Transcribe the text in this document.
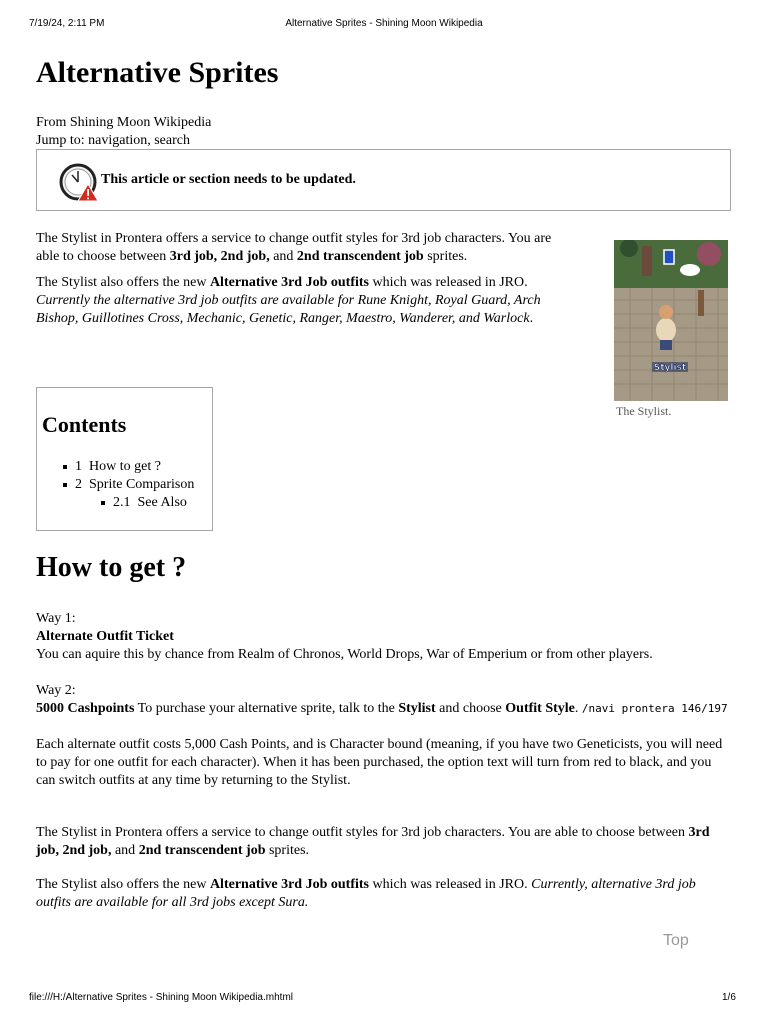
7/19/24, 2:11 PM	Alternative Sprites - Shining Moon Wikipedia
Alternative Sprites
From Shining Moon Wikipedia
Jump to: navigation, search
This article or section needs to be updated.

The Stylist in Prontera offers a service to change outfit styles for 3rd job characters. You are able to choose between 3rd job, 2nd job, and 2nd transcendent job sprites.

The Stylist also offers the new Alternative 3rd Job outfits which was released in JRO.
Currently the alternative 3rd job outfits are available for Rune Knight, Royal Guard, Arch Bishop, Guillotines Cross, Mechanic, Genetic, Ranger, Maestro, Wanderer, and Warlock.

Stylist
The Stylist.
Contents
1 How to get ?
2 Sprite Comparison
2.1 See Also
How to get ?

Way 1:
Alternate Outfit Ticket
You can aquire this by chance from Realm of Chronos, World Drops, War of Emperium or from other players.

Way 2:
5000 Cashpoints To purchase your alternative sprite, talk to the Stylist and choose Outfit Style. /navi prontera 146/197

Each alternate outfit costs 5,000 Cash Points, and is Character bound (meaning, if you have two Geneticists, you will need to pay for one outfit for each character). When it has been purchased, the option text will turn from red to black, and you can switch outfits at any time by returning to the Stylist.

The Stylist in Prontera offers a service to change outfit styles for 3rd job characters. You are able to choose between 3rd job, 2nd job, and 2nd transcendent job sprites.

The Stylist also offers the new Alternative 3rd Job outfits which was released in JRO. Currently, alternative 3rd job outfits are available for all 3rd jobs except Sura.

Top
file:///H:/Alternative Sprites - Shining Moon Wikipedia.mhtml	1/6
